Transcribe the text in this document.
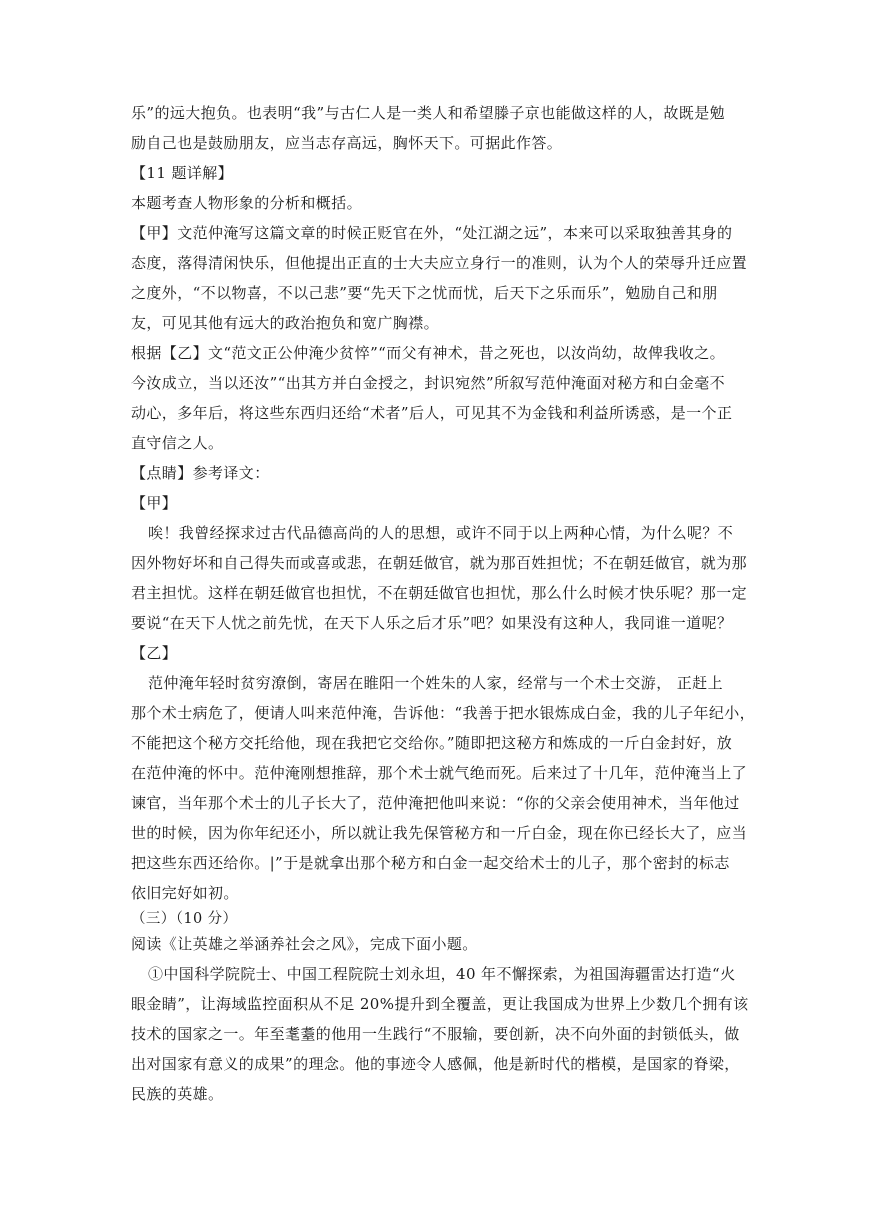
乐”的远大抱负。也表明“我”与古仁人是一类人和希望滕子京也能做这样的人，故既是勉
励自己也是鼓励朋友，应当志存高远，胸怀天下。可据此作答。
【11 题详解】
本题考查人物形象的分析和概括。
【甲】文范仲淹写这篇文章的时候正贬官在外，“处江湖之远”，本来可以采取独善其身的
态度，落得清闲快乐，但他提出正直的士大夫应立身行一的准则，认为个人的荣辱升迁应置
之度外，“不以物喜，不以己悲”要“先天下之忧而忧，后天下之乐而乐”，勉励自己和朋
友，可见其他有远大的政治抱负和宽广胸襟。
根据【乙】文“范文正公仲淹少贫悴”“而父有神术，昔之死也，以汝尚幼，故俾我收之。
今汝成立，当以还汝”“出其方并白金授之，封识宛然”所叙写范仲淹面对秘方和白金毫不
动心，多年后，将这些东西归还给“术者”后人，可见其不为金钱和利益所诱惑，是一个正
直守信之人。
【点睛】参考译文：
【甲】
唉！我曾经探求过古代品德高尚的人的思想，或许不同于以上两种心情，为什么呢？不
因外物好坏和自己得失而或喜或悲，在朝廷做官，就为那百姓担忧；不在朝廷做官，就为那
君主担忧。这样在朝廷做官也担忧，不在朝廷做官也担忧，那么什么时候才快乐呢？那一定
要说“在天下人忧之前先忧，在天下人乐之后才乐”吧？如果没有这种人，我同谁一道呢？
【乙】
范仲淹年轻时贫穷潦倒，寄居在睢阳一个姓朱的人家，经常与一个术士交游， 正赶上
那个术士病危了，便请人叫来范仲淹，告诉他：“我善于把水银炼成白金，我的儿子年纪小，
不能把这个秘方交托给他，现在我把它交给你。”随即把这秘方和炼成的一斤白金封好，放
在范仲淹的怀中。范仲淹刚想推辞，那个术士就气绝而死。后来过了十几年，范仲淹当上了
谏官，当年那个术士的儿子长大了，范仲淹把他叫来说：“你的父亲会使用神术，当年他过
世的时候，因为你年纪还小，所以就让我先保管秘方和一斤白金，现在你已经长大了，应当
把这些东西还给你。|”于是就拿出那个秘方和白金一起交给术士的儿子，那个密封的标志
依旧完好如初。
（三）（10 分）
阅读《让英雄之举涵养社会之风》，完成下面小题。
①中国科学院院士、中国工程院院士刘永坦，40 年不懈探索，为祖国海疆雷达打造“火
眼金睛”，让海域监控面积从不足 20%提升到全覆盖，更让我国成为世界上少数几个拥有该
技术的国家之一。年至耄耋的他用一生践行“不服输，要创新，决不向外面的封锁低头，做
出对国家有意义的成果”的理念。他的事迹令人感佩，他是新时代的楷模，是国家的脊梁，
民族的英雄。
